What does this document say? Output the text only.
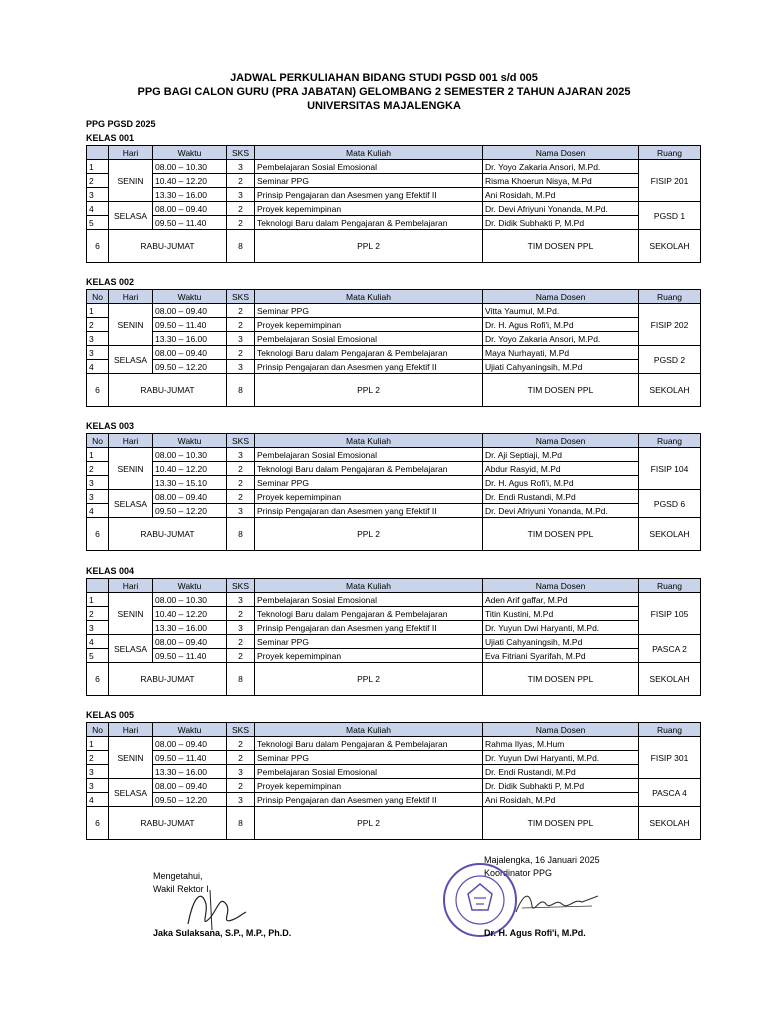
JADWAL PERKULIAHAN BIDANG STUDI PGSD 001 s/d 005
PPG BAGI CALON GURU (PRA JABATAN) GELOMBANG 2 SEMESTER 2 TAHUN AJARAN 2025
UNIVERSITAS MAJALENGKA
PPG PGSD 2025
KELAS 001
	Hari	Waktu	SKS	Mata Kuliah	Nama Dosen	Ruang
1	SENIN	08.00 – 10.30	3	Pembelajaran Sosial Emosional	Dr. Yoyo Zakaria Ansori, M.Pd.	FISIP 201
2		10.40 – 12.20	2	Seminar PPG	Risma Khoerun Nisya, M.Pd	
3		13.30 – 16.00	3	Prinsip Pengajaran dan Asesmen yang Efektif II	Ani Rosidah, M.Pd	
4	SELASA	08.00 – 09.40	2	Proyek kepemimpinan	Dr. Devi Afriyuni Yonanda, M.Pd.	PGSD 1
5		09.50 – 11.40	2	Teknologi Baru dalam Pengajaran & Pembelajaran	Dr. Didik Subhakti P, M.Pd	
6	RABU-JUMAT		8	PPL 2	TIM DOSEN PPL	SEKOLAH
KELAS 002
No	Hari	Waktu	SKS	Mata Kuliah	Nama Dosen	Ruang
1	SENIN	08.00 – 09.40	2	Seminar PPG	Vitta Yaumul, M.Pd.	FISIP 202
2		09.50 – 11.40	2	Proyek kepemimpinan	Dr. H. Agus Rofi'i, M.Pd	
3		13.30 – 16.00	3	Pembelajaran Sosial Emosional	Dr. Yoyo Zakaria Ansori, M.Pd.	
3	SELASA	08.00 – 09.40	2	Teknologi Baru dalam Pengajaran & Pembelajaran	Maya Nurhayati, M.Pd	PGSD 2
4		09.50 – 12.20	3	Prinsip Pengajaran dan Asesmen yang Efektif II	Ujiati Cahyaningsih, M.Pd	
6	RABU-JUMAT		8	PPL 2	TIM DOSEN PPL	SEKOLAH
KELAS 003
No	Hari	Waktu	SKS	Mata Kuliah	Nama Dosen	Ruang
1	SENIN	08.00 – 10.30	3	Pembelajaran Sosial Emosional	Dr. Aji Septiaji, M.Pd	FISIP 104
2		10.40 – 12.20	2	Teknologi Baru dalam Pengajaran & Pembelajaran	Abdur Rasyid, M.Pd	
3		13.30 – 15.10	2	Seminar PPG	Dr. H. Agus Rofi'i, M.Pd	
3	SELASA	08.00 – 09.40	2	Proyek kepemimpinan	Dr. Endi Rustandi, M.Pd	PGSD 6
4		09.50 – 12.20	3	Prinsip Pengajaran dan Asesmen yang Efektif II	Dr. Devi Afriyuni Yonanda, M.Pd.	
6	RABU-JUMAT		8	PPL 2	TIM DOSEN PPL	SEKOLAH
KELAS 004
	Hari	Waktu	SKS	Mata Kuliah	Nama Dosen	Ruang
1	SENIN	08.00 – 10.30	3	Pembelajaran Sosial Emosional	Aden Arif gaffar, M.Pd	FISIP 105
2		10.40 – 12.20	2	Teknologi Baru dalam Pengajaran & Pembelajaran	Titin Kustini, M.Pd	
3		13.30 – 16.00	3	Prinsip Pengajaran dan Asesmen yang Efektif II	Dr. Yuyun Dwi Haryanti, M.Pd.	
4	SELASA	08.00 – 09.40	2	Seminar PPG	Ujiati Cahyaningsih, M.Pd	PASCA 2
5		09.50 – 11.40	2	Proyek kepemimpinan	Eva Fitriani Syarifah, M.Pd	
6	RABU-JUMAT		8	PPL 2	TIM DOSEN PPL	SEKOLAH
KELAS 005
No	Hari	Waktu	SKS	Mata Kuliah	Nama Dosen	Ruang
1	SENIN	08.00 – 09.40	2	Teknologi Baru dalam Pengajaran & Pembelajaran	Rahma Ilyas, M.Hum	FISIP 301
2		09.50 – 11.40	2	Seminar PPG	Dr. Yuyun Dwi Haryanti, M.Pd.	
3		13.30 – 16.00	3	Pembelajaran Sosial Emosional	Dr. Endi Rustandi, M.Pd	
3	SELASA	08.00 – 09.40	2	Proyek kepemimpinan	Dr. Didik Subhakti P, M.Pd	PASCA 4
4		09.50 – 12.20	3	Prinsip Pengajaran dan Asesmen yang Efektif II	Ani Rosidah, M.Pd	
6	RABU-JUMAT		8	PPL 2	TIM DOSEN PPL	SEKOLAH
Mengetahui,
Wakil Rektor I
Jaka Sulaksana, S.P., M.P., Ph.D.
Majalengka, 16 Januari 2025
Koordinator PPG
Dr. H. Agus Rofi'i, M.Pd.
